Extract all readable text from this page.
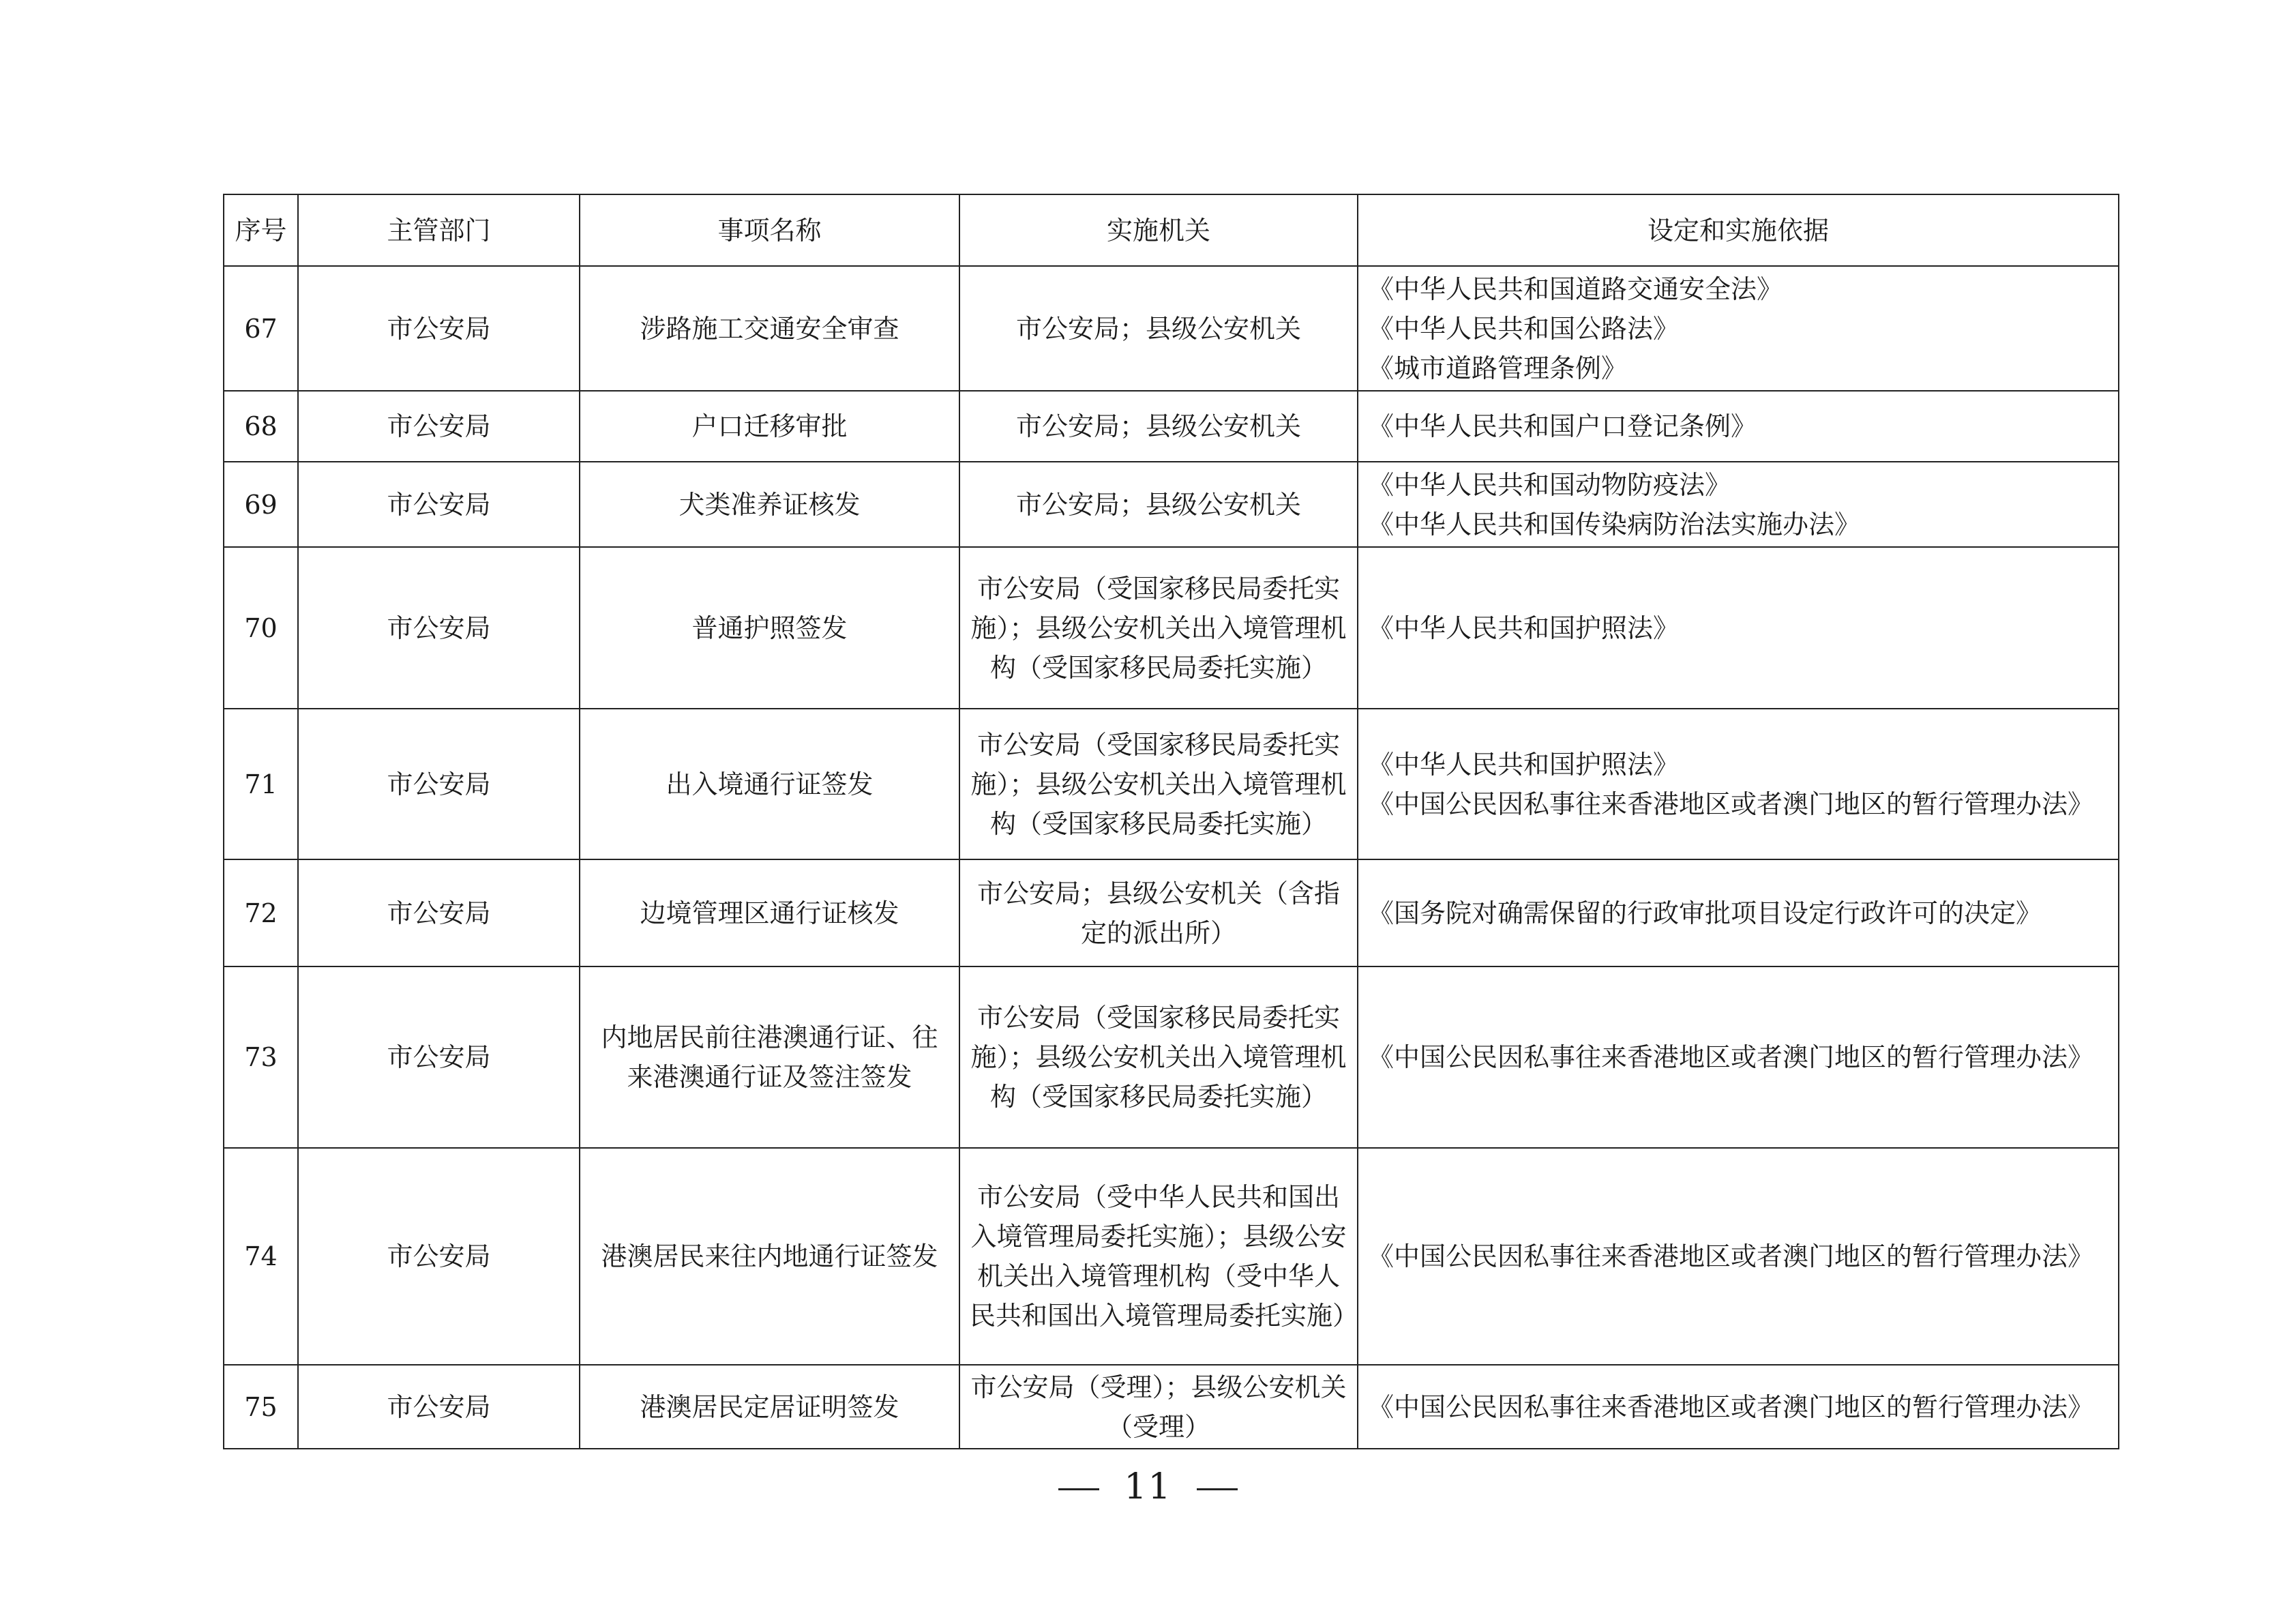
序号	主管部门	事项名称	实施机关	设定和实施依据
67	市公安局	涉路施工交通安全审查	市公安局；县级公安机关	《中华人民共和国道路交通安全法》
《中华人民共和国公路法》
《城市道路管理条例》

68	市公安局	户口迁移审批	市公安局；县级公安机关	《中华人民共和国户口登记条例》

69	市公安局	犬类准养证核发	市公安局；县级公安机关	《中华人民共和国动物防疫法》
《中华人民共和国传染病防治法实施办法》

70	市公安局	普通护照签发	市公安局（受国家移民局委托实施）；县级公安机关出入境管理机构（受国家移民局委托实施）	《中华人民共和国护照法》

71	市公安局	出入境通行证签发	市公安局（受国家移民局委托实施）；县级公安机关出入境管理机构（受国家移民局委托实施）	《中华人民共和国护照法》
《中国公民因私事往来香港地区或者澳门地区的暂行管理办法》

72	市公安局	边境管理区通行证核发	市公安局；县级公安机关（含指定的派出所）	《国务院对确需保留的行政审批项目设定行政许可的决定》

73	市公安局	内地居民前往港澳通行证、往来港澳通行证及签注签发	市公安局（受国家移民局委托实施）；县级公安机关出入境管理机构（受国家移民局委托实施）	《中国公民因私事往来香港地区或者澳门地区的暂行管理办法》

74	市公安局	港澳居民来往内地通行证签发	市公安局（受中华人民共和国出入境管理局委托实施）；县级公安机关出入境管理机构（受中华人民共和国出入境管理局委托实施）	《中国公民因私事往来香港地区或者澳门地区的暂行管理办法》

75	市公安局	港澳居民定居证明签发	市公安局（受理）；县级公安机关（受理）	《中国公民因私事往来香港地区或者澳门地区的暂行管理办法》
11
